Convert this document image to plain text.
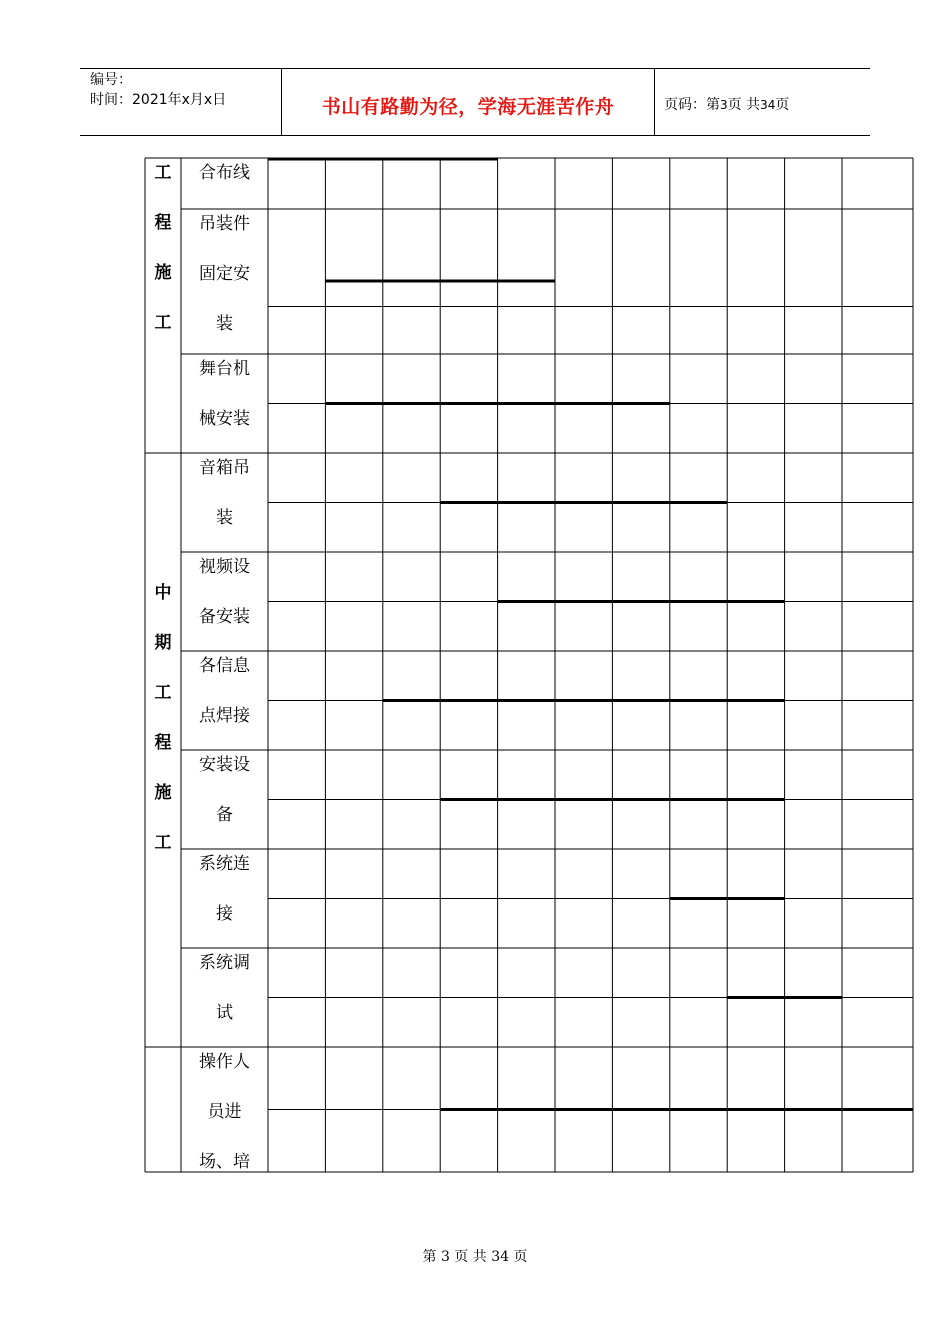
编号：
时间：2021年x月x日	书山有路勤为径，学海无涯苦作舟	页码：第3页 共34页
合布线
吊装件
固定安
装
舞台机
械安装
音箱吊
装
视频设
备安装
各信息
点焊接
安装设
备
系统连
接
系统调
试
操作人
员进
场、培
工
程
施
工
中
期
工
程
施
工
第 3 页 共 34 页
